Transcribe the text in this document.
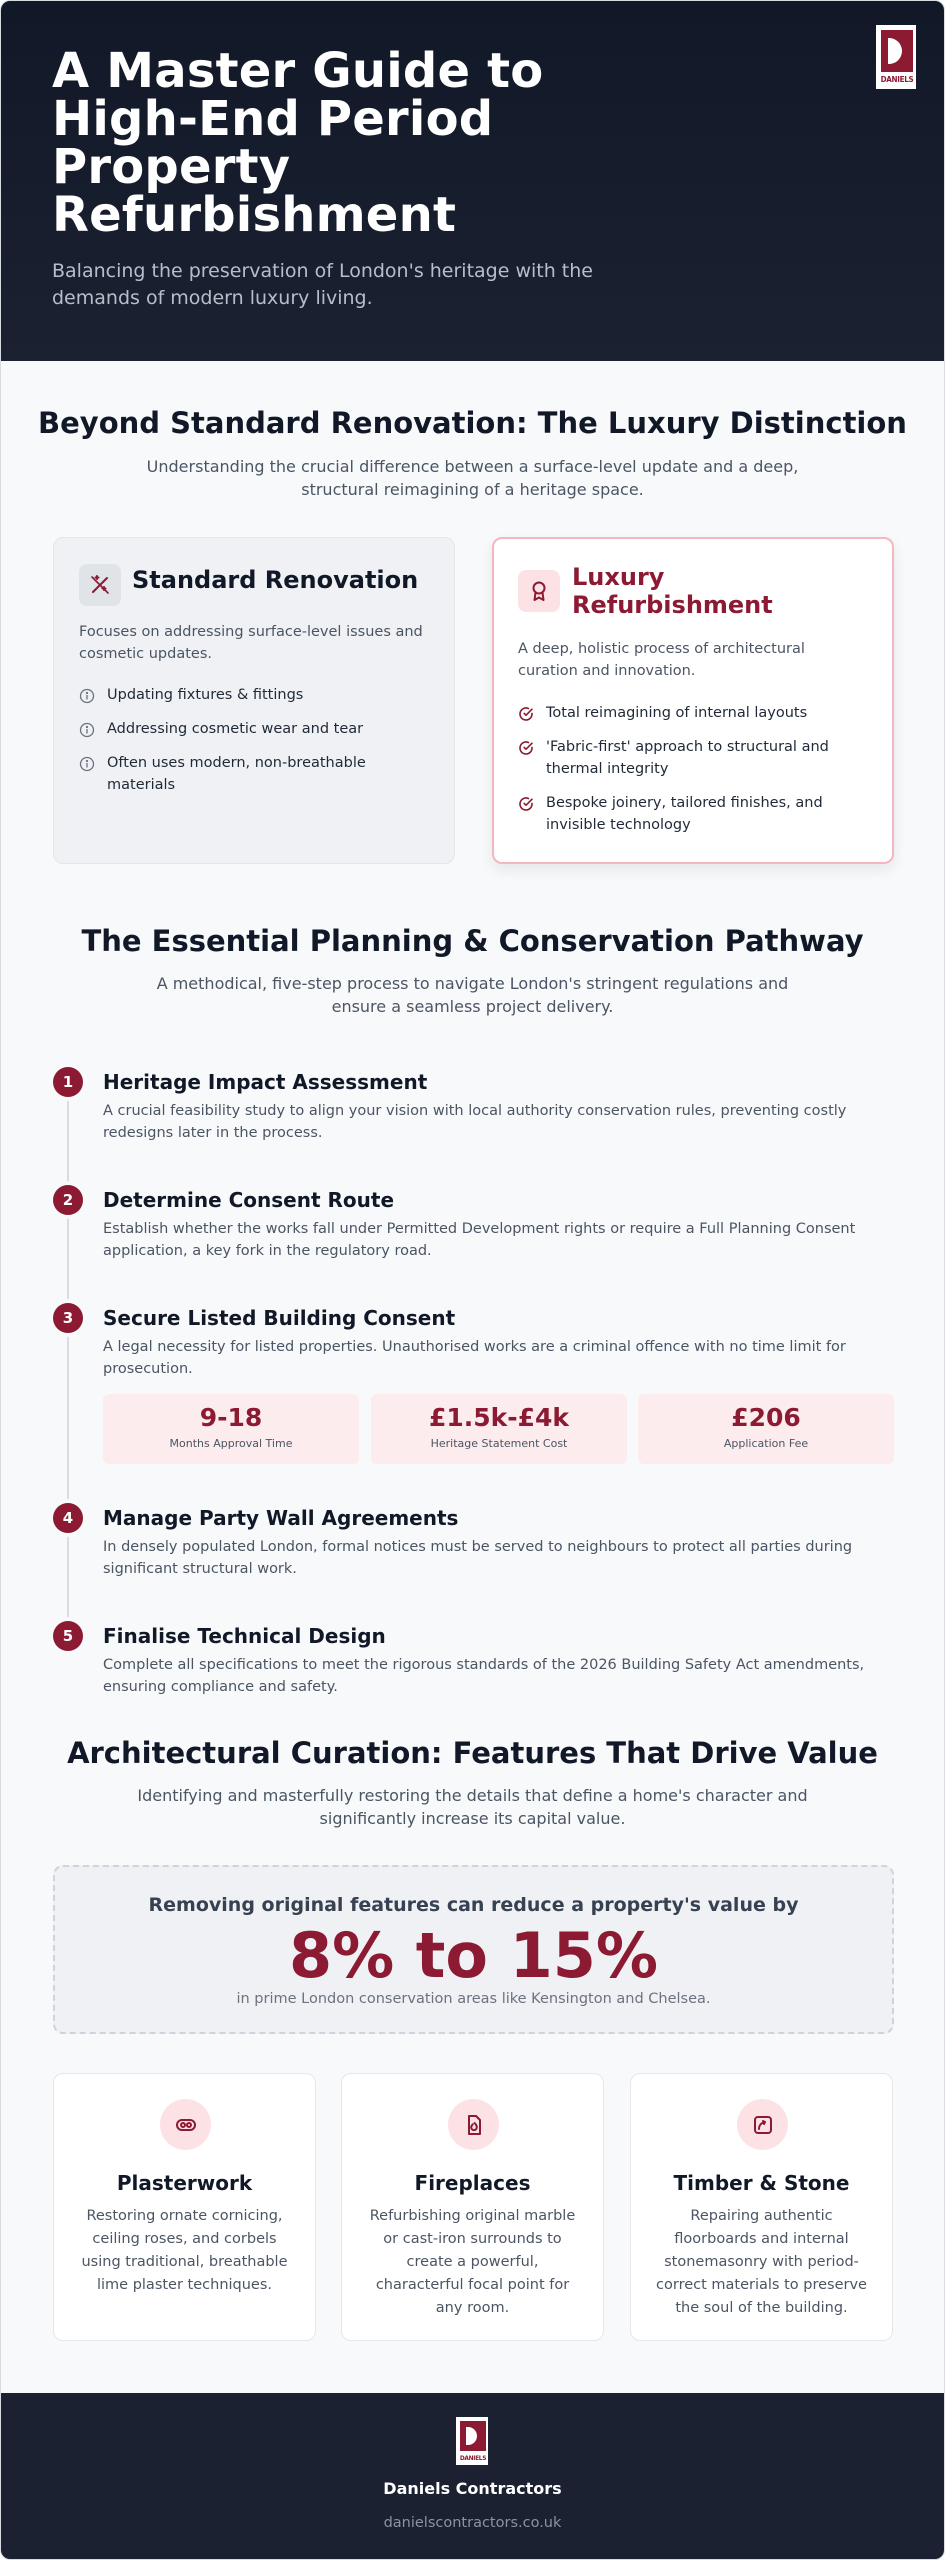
A Master Guide to High-End Period Property Refurbishment

Balancing the preservation of London's heritage with the demands of modern luxury living.

DANIELS
Beyond Standard Renovation: The Luxury Distinction

Understanding the crucial difference between a surface-level update and a deep, structural reimagining of a heritage space.

Standard Renovation

Focuses on addressing surface-level issues and cosmetic updates.

Updating fixtures & fittings
Addressing cosmetic wear and tear
Often uses modern, non-breathable materials
Luxury Refurbishment

A deep, holistic process of architectural curation and innovation.

Total reimagining of internal layouts
'Fabric-first' approach to structural and thermal integrity
Bespoke joinery, tailored finishes, and invisible technology
The Essential Planning & Conservation Pathway

A methodical, five-step process to navigate London's stringent regulations and ensure a seamless project delivery.

1	Heritage Impact Assessment

A crucial feasibility study to align your vision with local authority conservation rules, preventing costly redesigns later in the process.

2	Determine Consent Route

Establish whether the works fall under Permitted Development rights or require a Full Planning Consent application, a key fork in the regulatory road.

3	Secure Listed Building Consent

A legal necessity for listed properties. Unauthorised works are a criminal offence with no time limit for prosecution.

9-18
Months Approval Time
£1.5k-£4k
Heritage Statement Cost
£206
Application Fee
4	Manage Party Wall Agreements

In densely populated London, formal notices must be served to neighbours to protect all parties during significant structural work.

5	Finalise Technical Design

Complete all specifications to meet the rigorous standards of the 2026 Building Safety Act amendments, ensuring compliance and safety.

Architectural Curation: Features That Drive Value

Identifying and masterfully restoring the details that define a home's character and significantly increase its capital value.

Removing original features can reduce a property's value by
8% to 15%
in prime London conservation areas like Kensington and Chelsea.
Plasterwork

Restoring ornate cornicing, ceiling roses, and corbels using traditional, breathable lime plaster techniques.

Fireplaces

Refurbishing original marble or cast-iron surrounds to create a powerful, characterful focal point for any room.

Timber & Stone

Repairing authentic floorboards and internal stonemasonry with period-correct materials to preserve the soul of the building.

DANIELS
Daniels Contractors
danielscontractors.co.uk
